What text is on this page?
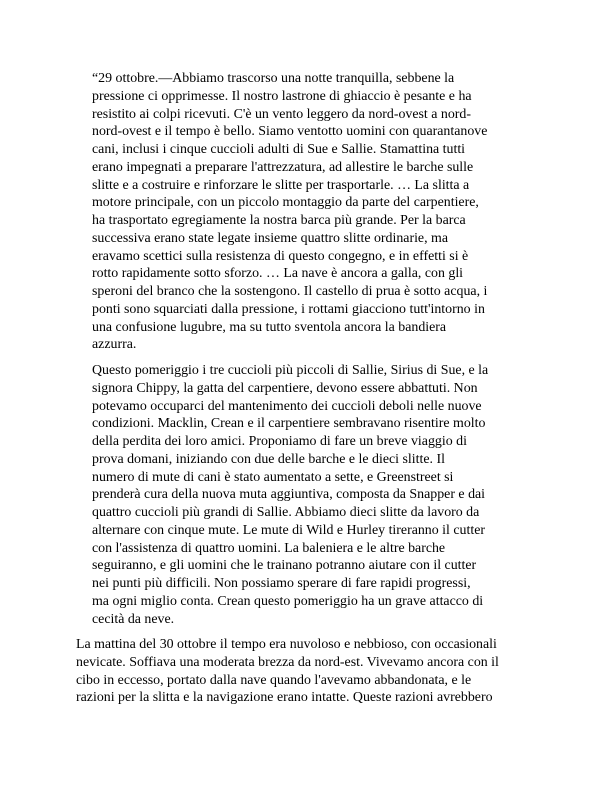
“29 ottobre.—Abbiamo trascorso una notte tranquilla, sebbene la
pressione ci opprimesse. Il nostro lastrone di ghiaccio è pesante e ha
resistito ai colpi ricevuti. C'è un vento leggero da nord-ovest a nord-
nord-ovest e il tempo è bello. Siamo ventotto uomini con quarantanove
cani, inclusi i cinque cuccioli adulti di Sue e Sallie. Stamattina tutti
erano impegnati a preparare l'attrezzatura, ad allestire le barche sulle
slitte e a costruire e rinforzare le slitte per trasportarle. … La slitta a
motore principale, con un piccolo montaggio da parte del carpentiere,
ha trasportato egregiamente la nostra barca più grande. Per la barca
successiva erano state legate insieme quattro slitte ordinarie, ma
eravamo scettici sulla resistenza di questo congegno, e in effetti si è
rotto rapidamente sotto sforzo. … La nave è ancora a galla, con gli
speroni del branco che la sostengono. Il castello di prua è sotto acqua, i
ponti sono squarciati dalla pressione, i rottami giacciono tutt'intorno in
una confusione lugubre, ma su tutto sventola ancora la bandiera
azzurra.
Questo pomeriggio i tre cuccioli più piccoli di Sallie, Sirius di Sue, e la
signora Chippy, la gatta del carpentiere, devono essere abbattuti. Non
potevamo occuparci del mantenimento dei cuccioli deboli nelle nuove
condizioni. Macklin, Crean e il carpentiere sembravano risentire molto
della perdita dei loro amici. Proponiamo di fare un breve viaggio di
prova domani, iniziando con due delle barche e le dieci slitte. Il
numero di mute di cani è stato aumentato a sette, e Greenstreet si
prenderà cura della nuova muta aggiuntiva, composta da Snapper e dai
quattro cuccioli più grandi di Sallie. Abbiamo dieci slitte da lavoro da
alternare con cinque mute. Le mute di Wild e Hurley tireranno il cutter
con l'assistenza di quattro uomini. La baleniera e le altre barche
seguiranno, e gli uomini che le trainano potranno aiutare con il cutter
nei punti più difficili. Non possiamo sperare di fare rapidi progressi,
ma ogni miglio conta. Crean questo pomeriggio ha un grave attacco di
cecità da neve.
La mattina del 30 ottobre il tempo era nuvoloso e nebbioso, con occasionali
nevicate. Soffiava una moderata brezza da nord-est. Vivevamo ancora con il
cibo in eccesso, portato dalla nave quando l'avevamo abbandonata, e le
razioni per la slitta e la navigazione erano intatte. Queste razioni avrebbero
